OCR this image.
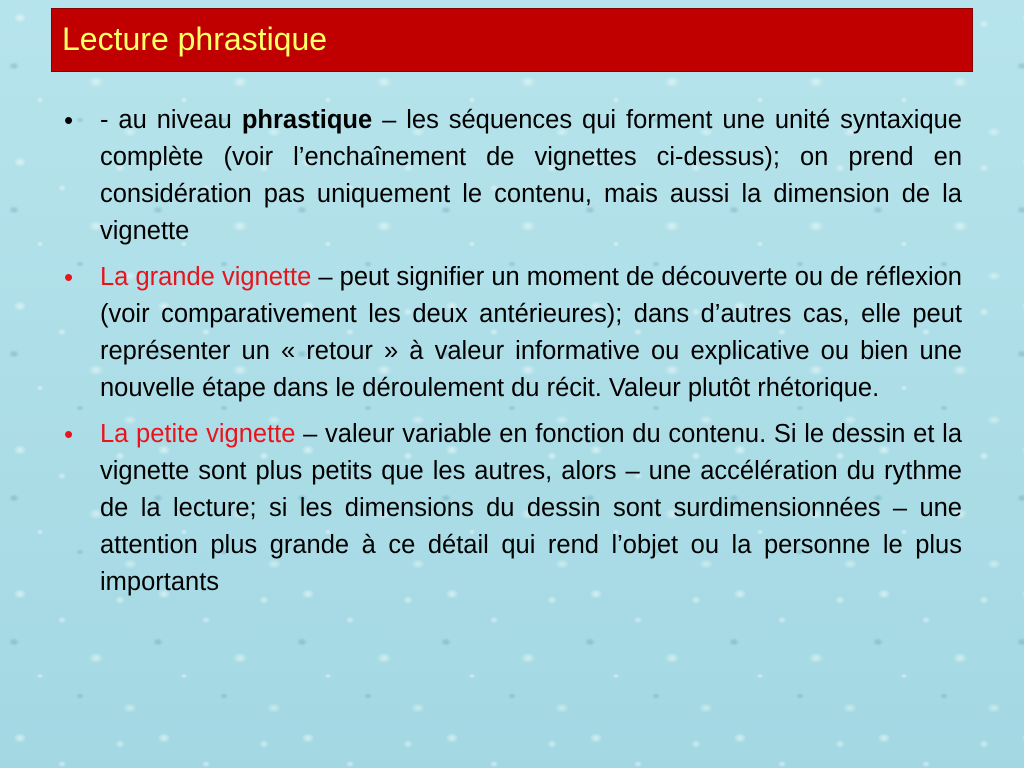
Lecture phrastique
•	- au niveau phrastique – les séquences qui forment une unité syntaxique complète (voir l’enchaînement de vignettes ci-dessus); on prend en considération pas uniquement le contenu, mais aussi la dimension de la vignette
•	La grande vignette – peut signifier un moment de découverte ou de réflexion (voir comparativement les deux antérieures); dans d’autres cas, elle peut représenter un « retour » à valeur informative ou explicative ou bien une nouvelle étape dans le déroulement du récit. Valeur plutôt rhétorique.
•	La petite vignette – valeur variable en fonction du contenu. Si le dessin et la vignette sont plus petits que les autres, alors – une accélération du rythme de la lecture; si les dimensions du dessin sont surdimensionnées – une attention plus grande à ce détail qui rend l’objet ou la personne le plus importants
